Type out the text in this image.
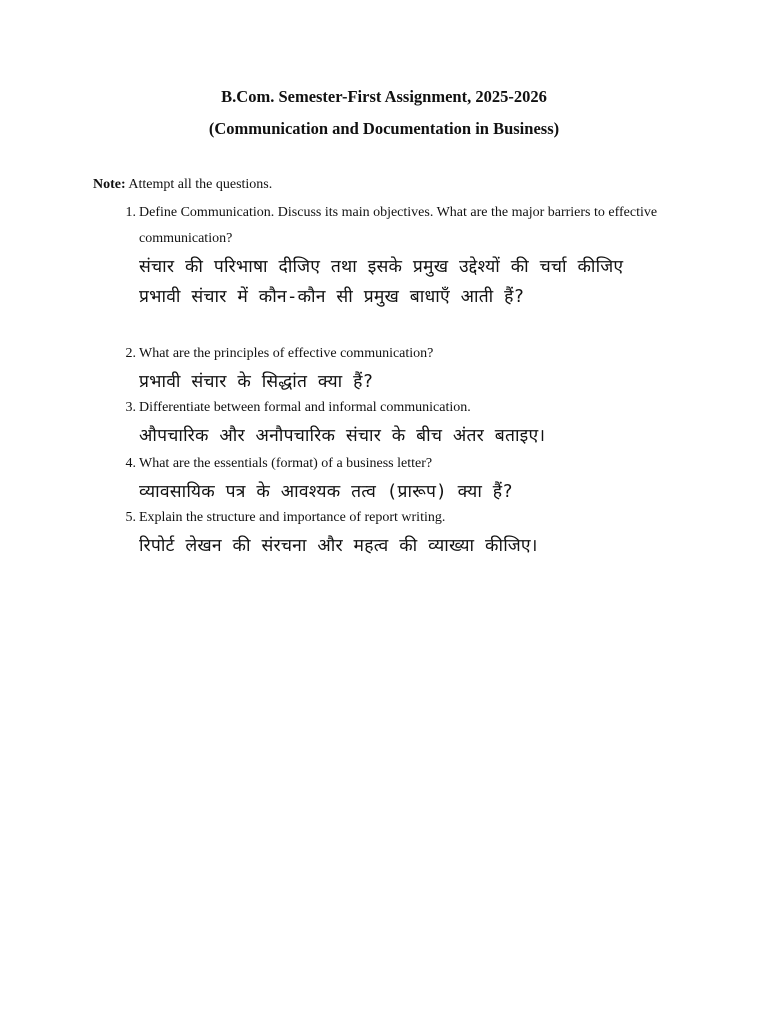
B.Com. Semester-First Assignment, 2025-2026
(Communication and Documentation in Business)

Note: Attempt all the questions.

1. Define Communication. Discuss its main objectives. What are the major barriers to effective communication?
संचार की परिभाषा दीजिए तथा इसके प्रमुख उद्देश्यों की चर्चा कीजिए प्रभावी संचार में कौन-कौन सी प्रमुख बाधाएँ आती हैं?
2. What are the principles of effective communication?
प्रभावी संचार के सिद्धांत क्या हैं?
3. Differentiate between formal and informal communication.
औपचारिक और अनौपचारिक संचार के बीच अंतर बताइए।
4. What are the essentials (format) of a business letter?
व्यावसायिक पत्र के आवश्यक तत्व (प्रारूप) क्या हैं?
5. Explain the structure and importance of report writing.
रिपोर्ट लेखन की संरचना और महत्व की व्याख्या कीजिए।
